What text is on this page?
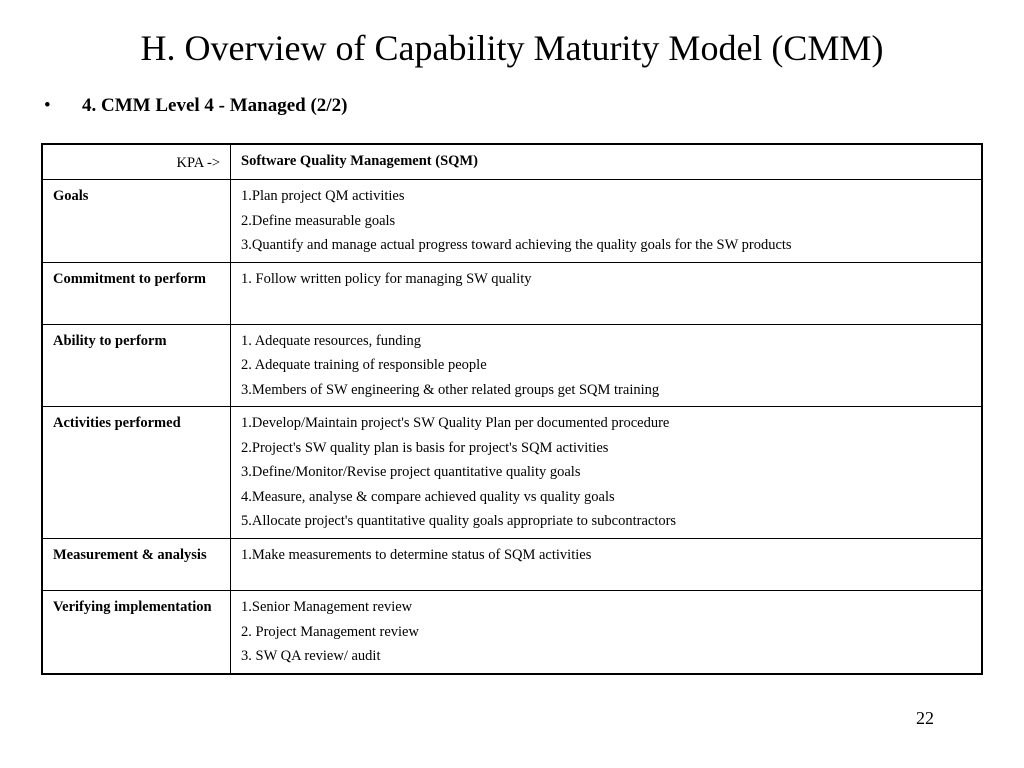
H. Overview of Capability Maturity Model (CMM)
• 4. CMM Level 4 - Managed (2/2)
KPA ->	Software Quality Management (SQM)
Goals	1.Plan project QM activities
2.Define measurable goals
3.Quantify and manage actual progress toward achieving the quality goals for the SW products

Commitment to perform	1. Follow written policy for managing SW quality

Ability to perform	1. Adequate resources, funding
2. Adequate training of responsible people
3.Members of SW engineering & other related groups get SQM training

Activities performed	1.Develop/Maintain project's SW Quality Plan per documented procedure
2.Project's SW quality plan is basis for project's SQM activities
3.Define/Monitor/Revise project quantitative quality goals
4.Measure, analyse & compare achieved quality vs quality goals
5.Allocate project's quantitative quality goals appropriate to subcontractors

Measurement & analysis	1.Make measurements to determine status of SQM activities

Verifying implementation	1.Senior Management review
2. Project Management review
3. SW QA review/ audit
22
